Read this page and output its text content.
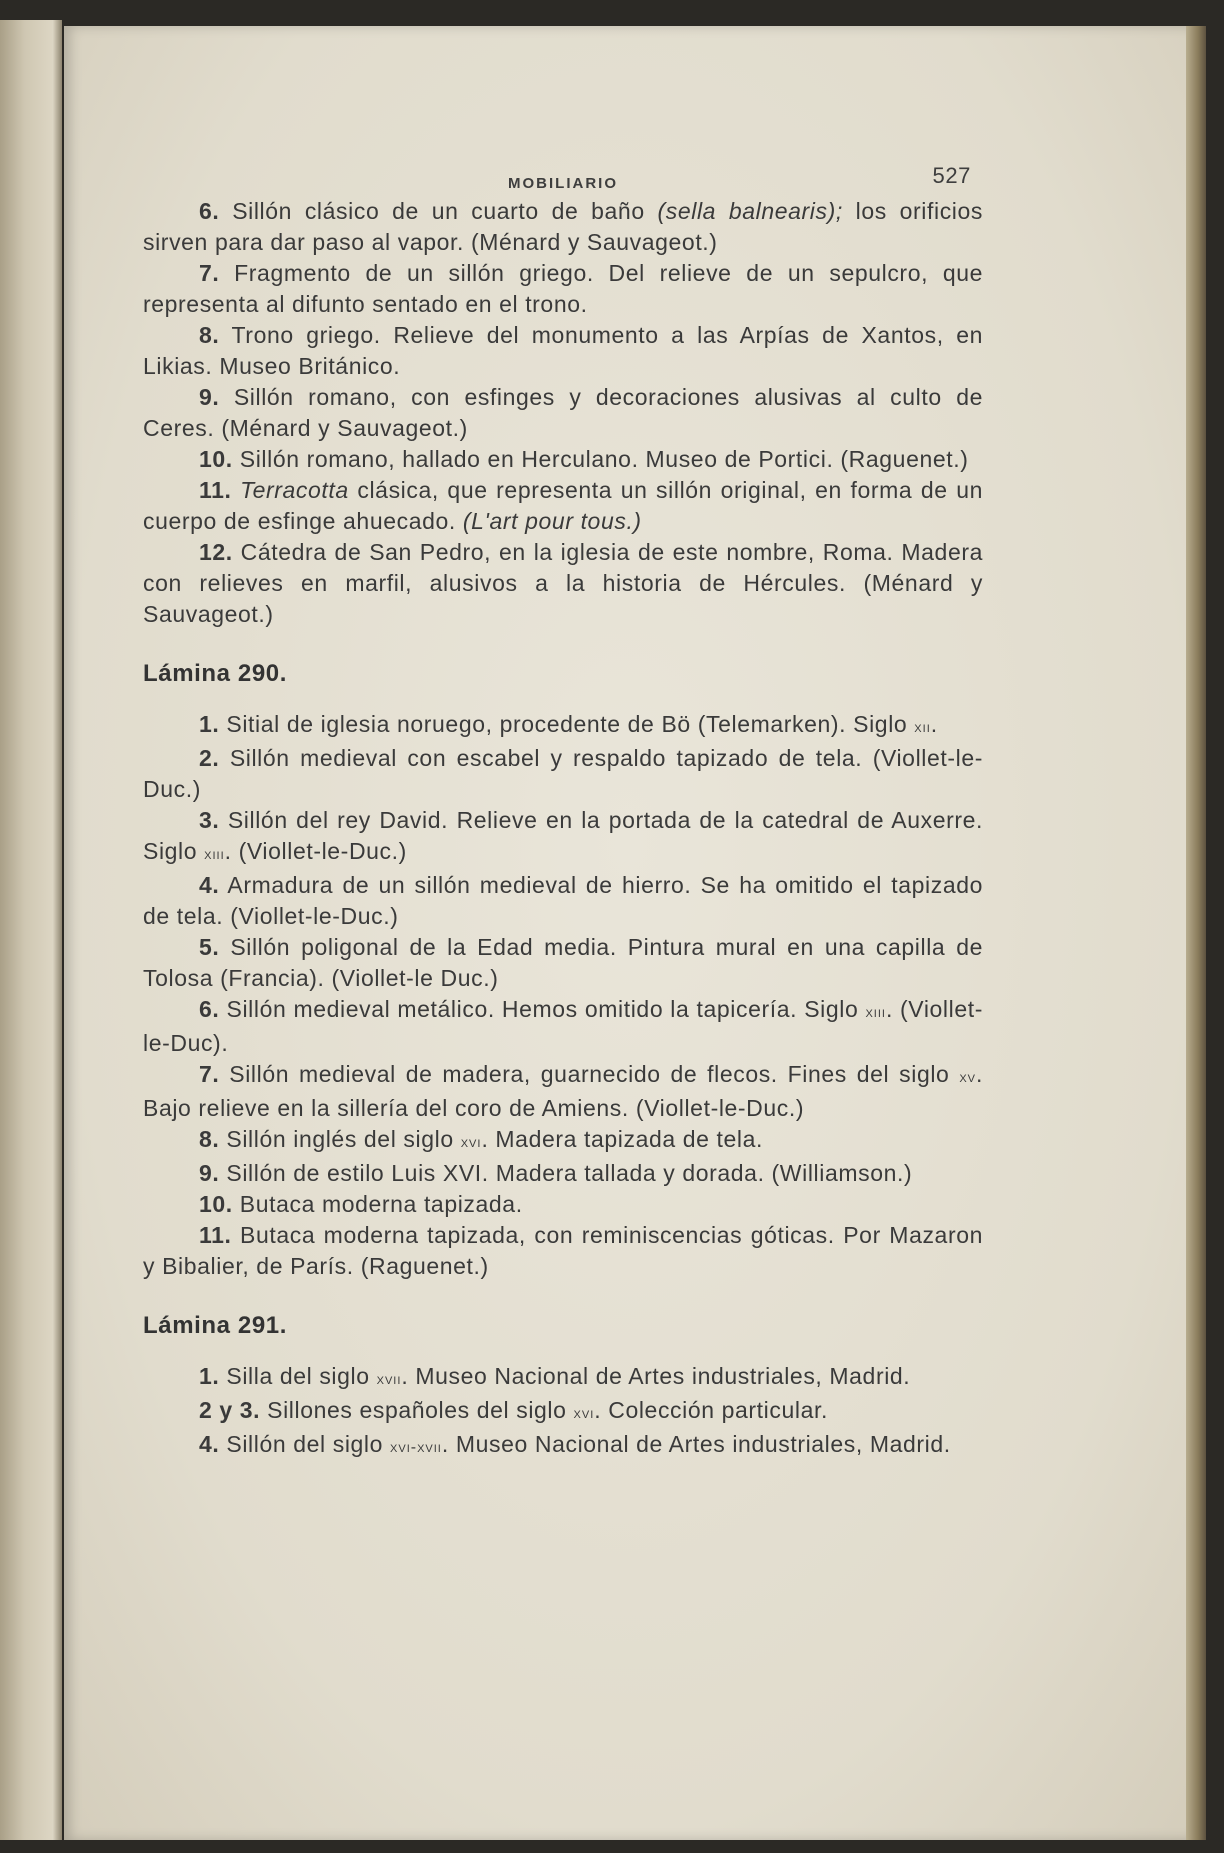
MOBILIARIO	527

6. Sillón clásico de un cuarto de baño (sella balnearis); los orificios sirven para dar paso al vapor. (Ménard y Sauvageot.)

7. Fragmento de un sillón griego. Del relieve de un sepulcro, que representa al difunto sentado en el trono.

8. Trono griego. Relieve del monumento a las Arpías de Xantos, en Likias. Museo Británico.

9. Sillón romano, con esfinges y decoraciones alusivas al culto de Ceres. (Ménard y Sauvageot.)

10. Sillón romano, hallado en Herculano. Museo de Portici. (Raguenet.)

11. Terracotta clásica, que representa un sillón original, en forma de un cuerpo de esfinge ahuecado. (L'art pour tous.)

12. Cátedra de San Pedro, en la iglesia de este nombre, Roma. Madera con relieves en marfil, alusivos a la historia de Hércules. (Ménard y Sauvageot.)

Lámina 290.

1. Sitial de iglesia noruego, procedente de Bö (Telemarken). Siglo xii.

2. Sillón medieval con escabel y respaldo tapizado de tela. (Viollet-le-Duc.)

3. Sillón del rey David. Relieve en la portada de la catedral de Auxerre. Siglo xiii. (Viollet-le-Duc.)

4. Armadura de un sillón medieval de hierro. Se ha omitido el tapizado de tela. (Viollet-le-Duc.)

5. Sillón poligonal de la Edad media. Pintura mural en una capilla de Tolosa (Francia). (Viollet-le Duc.)

6. Sillón medieval metálico. Hemos omitido la tapicería. Siglo xiii. (Viollet-le-Duc).

7. Sillón medieval de madera, guarnecido de flecos. Fines del siglo xv. Bajo relieve en la sillería del coro de Amiens. (Viollet-le-Duc.)

8. Sillón inglés del siglo xvi. Madera tapizada de tela.

9. Sillón de estilo Luis XVI. Madera tallada y dorada. (Williamson.)

10. Butaca moderna tapizada.

11. Butaca moderna tapizada, con reminiscencias góticas. Por Mazaron y Bibalier, de París. (Raguenet.)

Lámina 291.

1. Silla del siglo xvii. Museo Nacional de Artes industriales, Madrid.

2 y 3. Sillones españoles del siglo xvi. Colección particular.

4. Sillón del siglo xvi-xvii. Museo Nacional de Artes industriales, Madrid.
